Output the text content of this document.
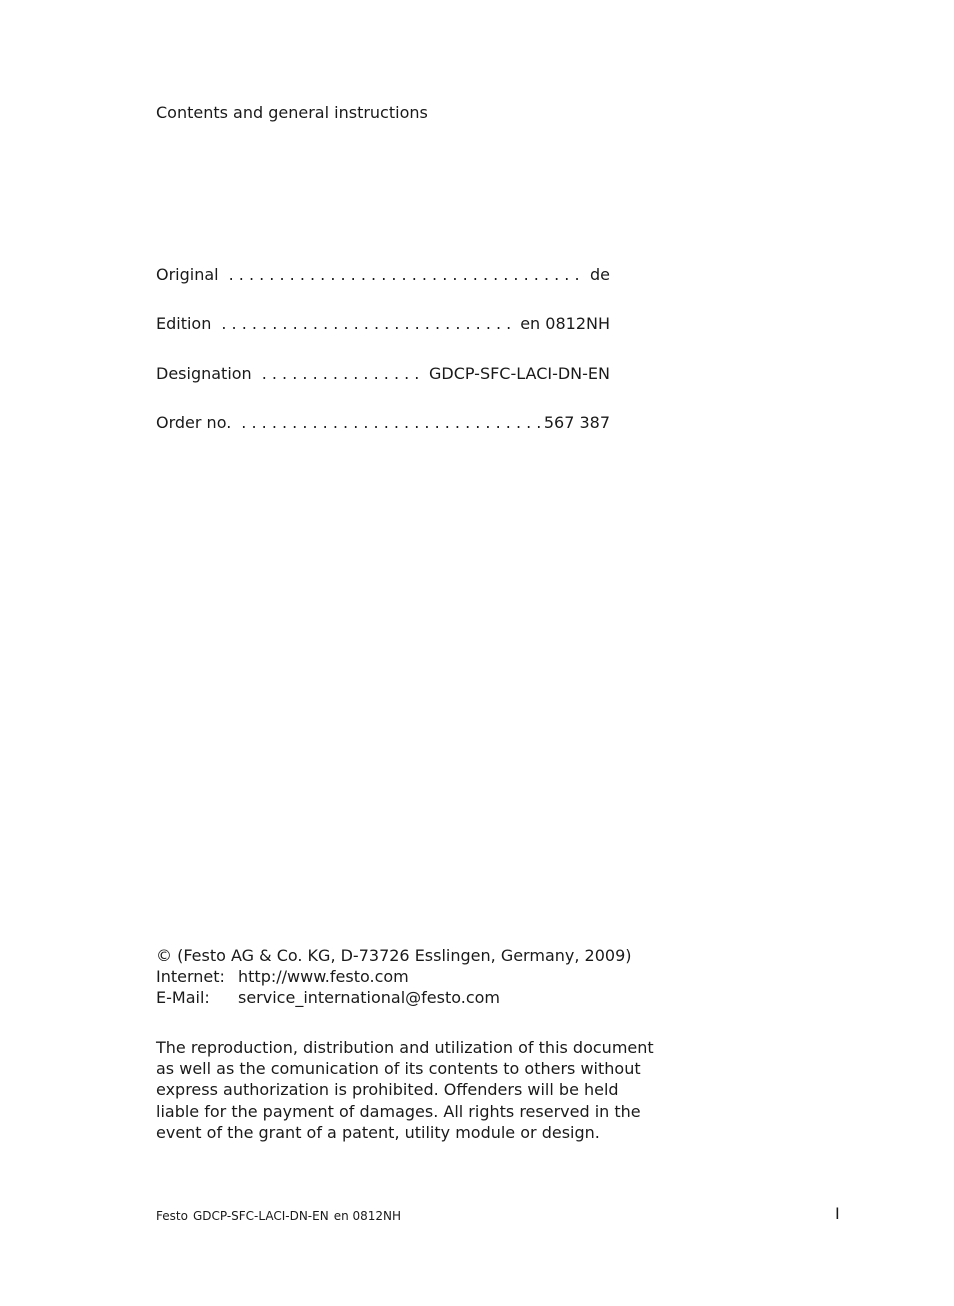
Contents and general instructions
Original . . .	de
Edition . . .	en 0812NH
Designation . . .	GDCP-SFC-LACI-DN-EN
Order no. . . .	567 387
© (Festo AG & Co. KG, D-73726 Esslingen, Germany, 2009)
Internet: http://www.festo.com
E-Mail: service_international@festo.com
The reproduction, distribution and utilization of this document
as well as the comunication of its contents to others without
express authorization is prohibited. Offenders will be held
liable for the payment of damages. All rights reserved in the
event of the grant of a patent, utility module or design.
Festo GDCP-SFC-LACI-DN-EN en 0812NH	I
